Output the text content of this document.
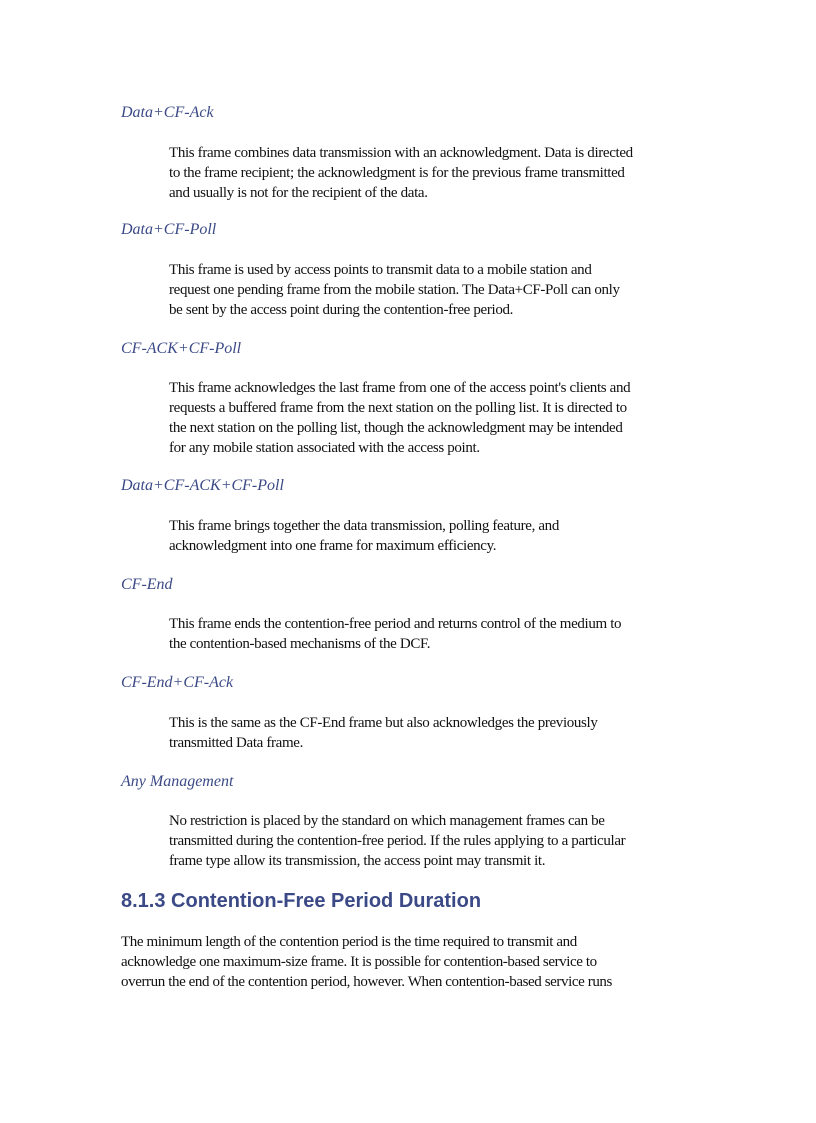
Data+CF-Ack

This frame combines data transmission with an acknowledgment. Data is directed
to the frame recipient; the acknowledgment is for the previous frame transmitted
and usually is not for the recipient of the data.

Data+CF-Poll

This frame is used by access points to transmit data to a mobile station and
request one pending frame from the mobile station. The Data+CF-Poll can only
be sent by the access point during the contention-free period.

CF-ACK+CF-Poll

This frame acknowledges the last frame from one of the access point's clients and
requests a buffered frame from the next station on the polling list. It is directed to
the next station on the polling list, though the acknowledgment may be intended
for any mobile station associated with the access point.

Data+CF-ACK+CF-Poll

This frame brings together the data transmission, polling feature, and
acknowledgment into one frame for maximum efficiency.

CF-End

This frame ends the contention-free period and returns control of the medium to
the contention-based mechanisms of the DCF.

CF-End+CF-Ack

This is the same as the CF-End frame but also acknowledges the previously
transmitted Data frame.

Any Management

No restriction is placed by the standard on which management frames can be
transmitted during the contention-free period. If the rules applying to a particular
frame type allow its transmission, the access point may transmit it.
8.1.3 Contention-Free Period Duration
The minimum length of the contention period is the time required to transmit and
acknowledge one maximum-size frame. It is possible for contention-based service to
overrun the end of the contention period, however. When contention-based service runs
